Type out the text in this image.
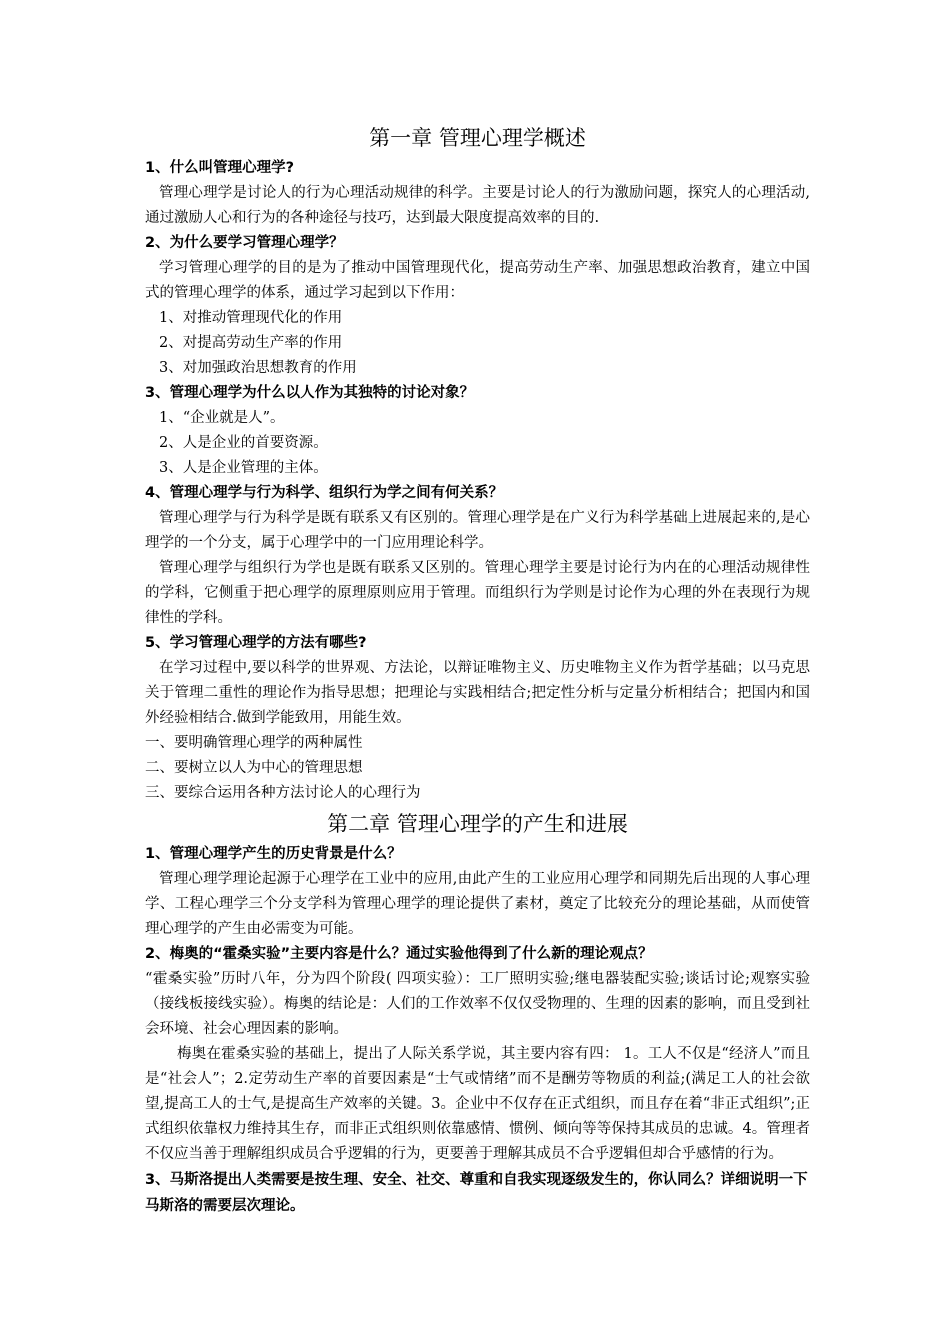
第一章 管理心理学概述

1、什么叫管理心理学?

管理心理学是讨论人的行为心理活动规律的科学。主要是讨论人的行为激励问题，探究人的心理活动,通过激励人心和行为的各种途径与技巧，达到最大限度提高效率的目的.

2、为什么要学习管理心理学？

学习管理心理学的目的是为了推动中国管理现代化，提高劳动生产率、加强思想政治教育，建立中国式的管理心理学的体系，通过学习起到以下作用：

1、对推动管理现代化的作用

2、对提高劳动生产率的作用

3、对加强政治思想教育的作用

3、管理心理学为什么以人作为其独特的讨论对象？

1、“企业就是人”。

2、人是企业的首要资源。

3、人是企业管理的主体。

4、管理心理学与行为科学、组织行为学之间有何关系？

管理心理学与行为科学是既有联系又有区别的。管理心理学是在广义行为科学基础上进展起来的,是心理学的一个分支，属于心理学中的一门应用理论科学。

管理心理学与组织行为学也是既有联系又区别的。管理心理学主要是讨论行为内在的心理活动规律性的学科，它侧重于把心理学的原理原则应用于管理。而组织行为学则是讨论作为心理的外在表现行为规律性的学科。

5、学习管理心理学的方法有哪些?

在学习过程中,要以科学的世界观、方法论，以辩证唯物主义、历史唯物主义作为哲学基础；以马克思关于管理二重性的理论作为指导思想；把理论与实践相结合;把定性分析与定量分析相结合；把国内和国外经验相结合.做到学能致用，用能生效。

一、要明确管理心理学的两种属性

二、要树立以人为中心的管理思想

三、要综合运用各种方法讨论人的心理行为

第二章 管理心理学的产生和进展

1、管理心理学产生的历史背景是什么？

管理心理学理论起源于心理学在工业中的应用,由此产生的工业应用心理学和同期先后出现的人事心理学、工程心理学三个分支学科为管理心理学的理论提供了素材，奠定了比较充分的理论基础，从而使管理心理学的产生由必需变为可能。

2、梅奥的“霍桑实验”主要内容是什么？通过实验他得到了什么新的理论观点？

“霍桑实验”历时八年，分为四个阶段( 四项实验）：工厂照明实验;继电器装配实验;谈话讨论;观察实验（接线板接线实验）。梅奥的结论是：人们的工作效率不仅仅受物理的、生理的因素的影响，而且受到社会环境、社会心理因素的影响。

梅奥在霍桑实验的基础上，提出了人际关系学说，其主要内容有四： 1。工人不仅是“经济人”而且是“社会人”；2.定劳动生产率的首要因素是“士气或情绪”而不是酬劳等物质的利益;(满足工人的社会欲望,提高工人的士气,是提高生产效率的关键。3。企业中不仅存在正式组织，而且存在着“非正式组织”;正式组织依靠权力维持其生存，而非正式组织则依靠感情、惯例、倾向等等保持其成员的忠诚。4。管理者不仅应当善于理解组织成员合乎逻辑的行为，更要善于理解其成员不合乎逻辑但却合乎感情的行为。

3、马斯洛提出人类需要是按生理、安全、社交、尊重和自我实现逐级发生的，你认同么？详细说明一下马斯洛的需要层次理论。
